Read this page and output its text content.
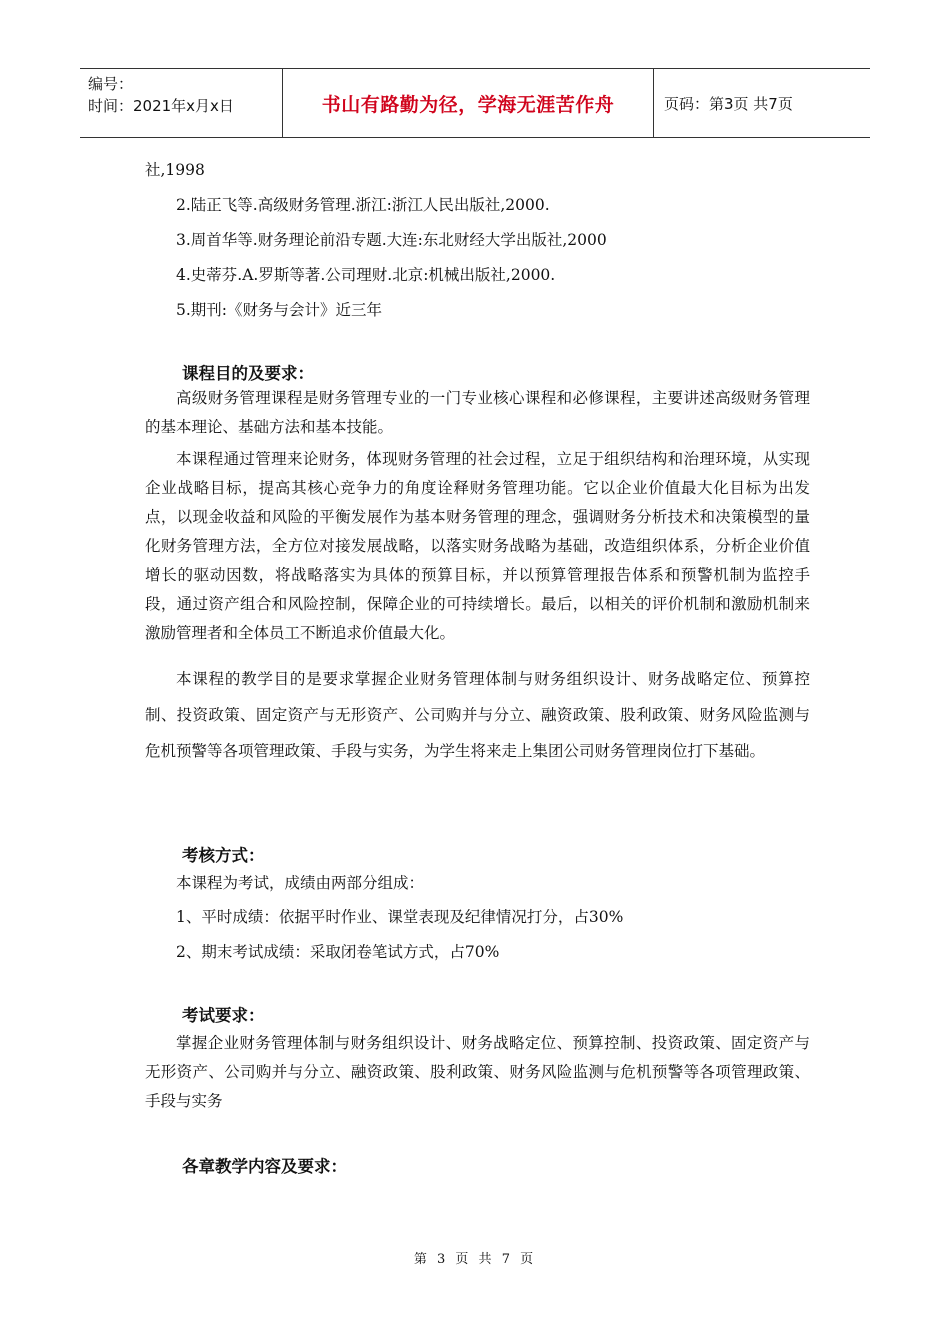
编号：
时间：2021年x月x日	书山有路勤为径，学海无涯苦作舟	页码：第3页 共7页

社,1998

2.陆正飞等.高级财务管理.浙江:浙江人民出版社,2000.

3.周首华等.财务理论前沿专题.大连:东北财经大学出版社,2000

4.史蒂芬.A.罗斯等著.公司理财.北京:机械出版社,2000.

5.期刊:《财务与会计》近三年

课程目的及要求：

高级财务管理课程是财务管理专业的一门专业核心课程和必修课程，主要讲述高级财务管理的基本理论、基础方法和基本技能。

本课程通过管理来论财务，体现财务管理的社会过程，立足于组织结构和治理环境，从实现企业战略目标，提高其核心竞争力的角度诠释财务管理功能。它以企业价值最大化目标为出发点，以现金收益和风险的平衡发展作为基本财务管理的理念，强调财务分析技术和决策模型的量化财务管理方法，全方位对接发展战略，以落实财务战略为基础，改造组织体系，分析企业价值增长的驱动因数，将战略落实为具体的预算目标，并以预算管理报告体系和预警机制为监控手段，通过资产组合和风险控制，保障企业的可持续增长。最后，以相关的评价机制和激励机制来激励管理者和全体员工不断追求价值最大化。

本课程的教学目的是要求掌握企业财务管理体制与财务组织设计、财务战略定位、预算控制、投资政策、固定资产与无形资产、公司购并与分立、融资政策、股利政策、财务风险监测与危机预警等各项管理政策、手段与实务，为学生将来走上集团公司财务管理岗位打下基础。

考核方式：

本课程为考试，成绩由两部分组成：

1、平时成绩：依据平时作业、课堂表现及纪律情况打分，占30%

2、期末考试成绩：采取闭卷笔试方式，占70%

考试要求：

掌握企业财务管理体制与财务组织设计、财务战略定位、预算控制、投资政策、固定资产与无形资产、公司购并与分立、融资政策、股利政策、财务风险监测与危机预警等各项管理政策、手段与实务

各章教学内容及要求：
第 3 页 共 7 页
